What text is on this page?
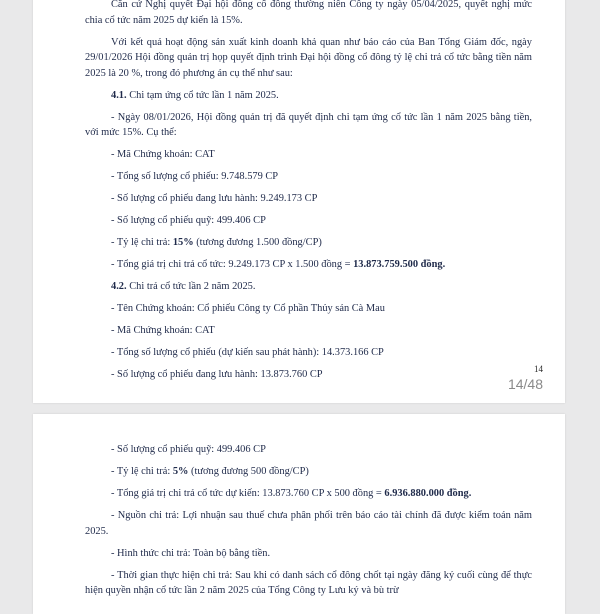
Căn cứ Nghị quyết Đại hội đồng cổ đông thường niên Công ty ngày 05/04/2025, quyết nghị mức chia cổ tức năm 2025 dự kiến là 15%.

Với kết quả hoạt động sản xuất kinh doanh khả quan như báo cáo của Ban Tổng Giám đốc, ngày 29/01/2026 Hội đồng quản trị họp quyết định trình Đại hội đồng cổ đông tỷ lệ chi trả cổ tức bằng tiền năm 2025 là 20 %, trong đó phương án cụ thể như sau:

4.1. Chi tạm ứng cổ tức lần 1 năm 2025.

- Ngày 08/01/2026, Hội đồng quản trị đã quyết định chi tạm ứng cổ tức lần 1 năm 2025 bằng tiền, với mức 15%. Cụ thể:

- Mã Chứng khoán: CAT

- Tổng số lượng cổ phiếu: 9.748.579 CP

- Số lượng cổ phiếu đang lưu hành: 9.249.173 CP

- Số lượng cổ phiếu quỹ: 499.406 CP

- Tỷ lệ chi trả: 15% (tương đương 1.500 đồng/CP)

- Tổng giá trị chi trả cổ tức: 9.249.173 CP x 1.500 đồng = 13.873.759.500 đồng.

4.2. Chi trả cổ tức lần 2 năm 2025.

- Tên Chứng khoán: Cổ phiếu Công ty Cổ phần Thủy sản Cà Mau

- Mã Chứng khoán: CAT

- Tổng số lượng cổ phiếu (dự kiến sau phát hành): 14.373.166 CP

- Số lượng cổ phiếu đang lưu hành: 13.873.760 CP

14
14/48

- Số lượng cổ phiếu quỹ: 499.406 CP

- Tỷ lệ chi trả: 5% (tương đương 500 đồng/CP)

- Tổng giá trị chi trả cổ tức dự kiến: 13.873.760 CP x 500 đồng = 6.936.880.000 đồng.

- Nguồn chi trả: Lợi nhuận sau thuế chưa phân phối trên báo cáo tài chính đã được kiểm toán năm 2025.

- Hình thức chi trả: Toàn bộ bằng tiền.

- Thời gian thực hiện chi trả: Sau khi có danh sách cổ đông chốt tại ngày đăng ký cuối cùng để thực hiện quyền nhận cổ tức lần 2 năm 2025 của Tổng Công ty Lưu ký và bù trừ
